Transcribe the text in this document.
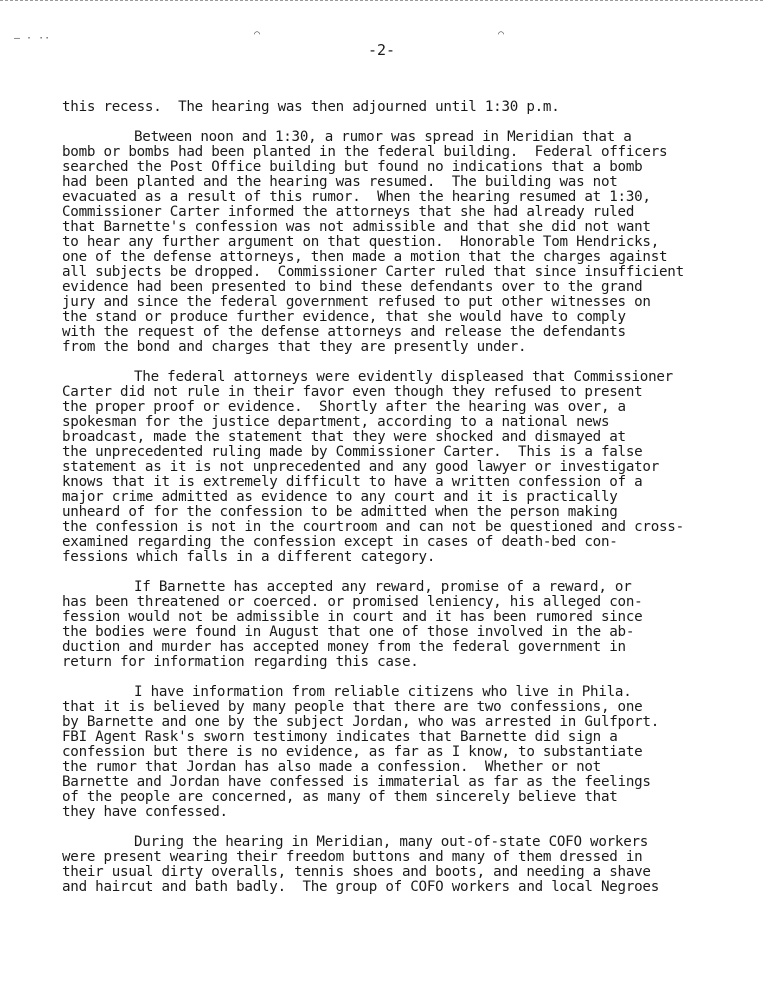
– · ··	◠	◠
-2-
this recess.  The hearing was then adjourned until 1:30 p.m.
Between noon and 1:30, a rumor was spread in Meridian that a
bomb or bombs had been planted in the federal building.  Federal officers
searched the Post Office building but found no indications that a bomb
had been planted and the hearing was resumed.  The building was not
evacuated as a result of this rumor.  When the hearing resumed at 1:30,
Commissioner Carter informed the attorneys that she had already ruled
that Barnette's confession was not admissible and that she did not want
to hear any further argument on that question.  Honorable Tom Hendricks,
one of the defense attorneys, then made a motion that the charges against
all subjects be dropped.  Commissioner Carter ruled that since insufficient
evidence had been presented to bind these defendants over to the grand
jury and since the federal government refused to put other witnesses on
the stand or produce further evidence, that she would have to comply
with the request of the defense attorneys and release the defendants
from the bond and charges that they are presently under.
The federal attorneys were evidently displeased that Commissioner
Carter did not rule in their favor even though they refused to present
the proper proof or evidence.  Shortly after the hearing was over, a
spokesman for the justice department, according to a national news
broadcast, made the statement that they were shocked and dismayed at
the unprecedented ruling made by Commissioner Carter.  This is a false
statement as it is not unprecedented and any good lawyer or investigator
knows that it is extremely difficult to have a written confession of a
major crime admitted as evidence to any court and it is practically
unheard of for the confession to be admitted when the person making
the confession is not in the courtroom and can not be questioned and cross-
examined regarding the confession except in cases of death-bed con-
fessions which falls in a different category.
If Barnette has accepted any reward, promise of a reward, or
has been threatened or coerced. or promised leniency, his alleged con-
fession would not be admissible in court and it has been rumored since
the bodies were found in August that one of those involved in the ab-
duction and murder has accepted money from the federal government in
return for information regarding this case.
I have information from reliable citizens who live in Phila.
that it is believed by many people that there are two confessions, one
by Barnette and one by the subject Jordan, who was arrested in Gulfport.
FBI Agent Rask's sworn testimony indicates that Barnette did sign a
confession but there is no evidence, as far as I know, to substantiate
the rumor that Jordan has also made a confession.  Whether or not
Barnette and Jordan have confessed is immaterial as far as the feelings
of the people are concerned, as many of them sincerely believe that
they have confessed.
During the hearing in Meridian, many out-of-state COFO workers
were present wearing their freedom buttons and many of them dressed in
their usual dirty overalls, tennis shoes and boots, and needing a shave
and haircut and bath badly.  The group of COFO workers and local Negroes
